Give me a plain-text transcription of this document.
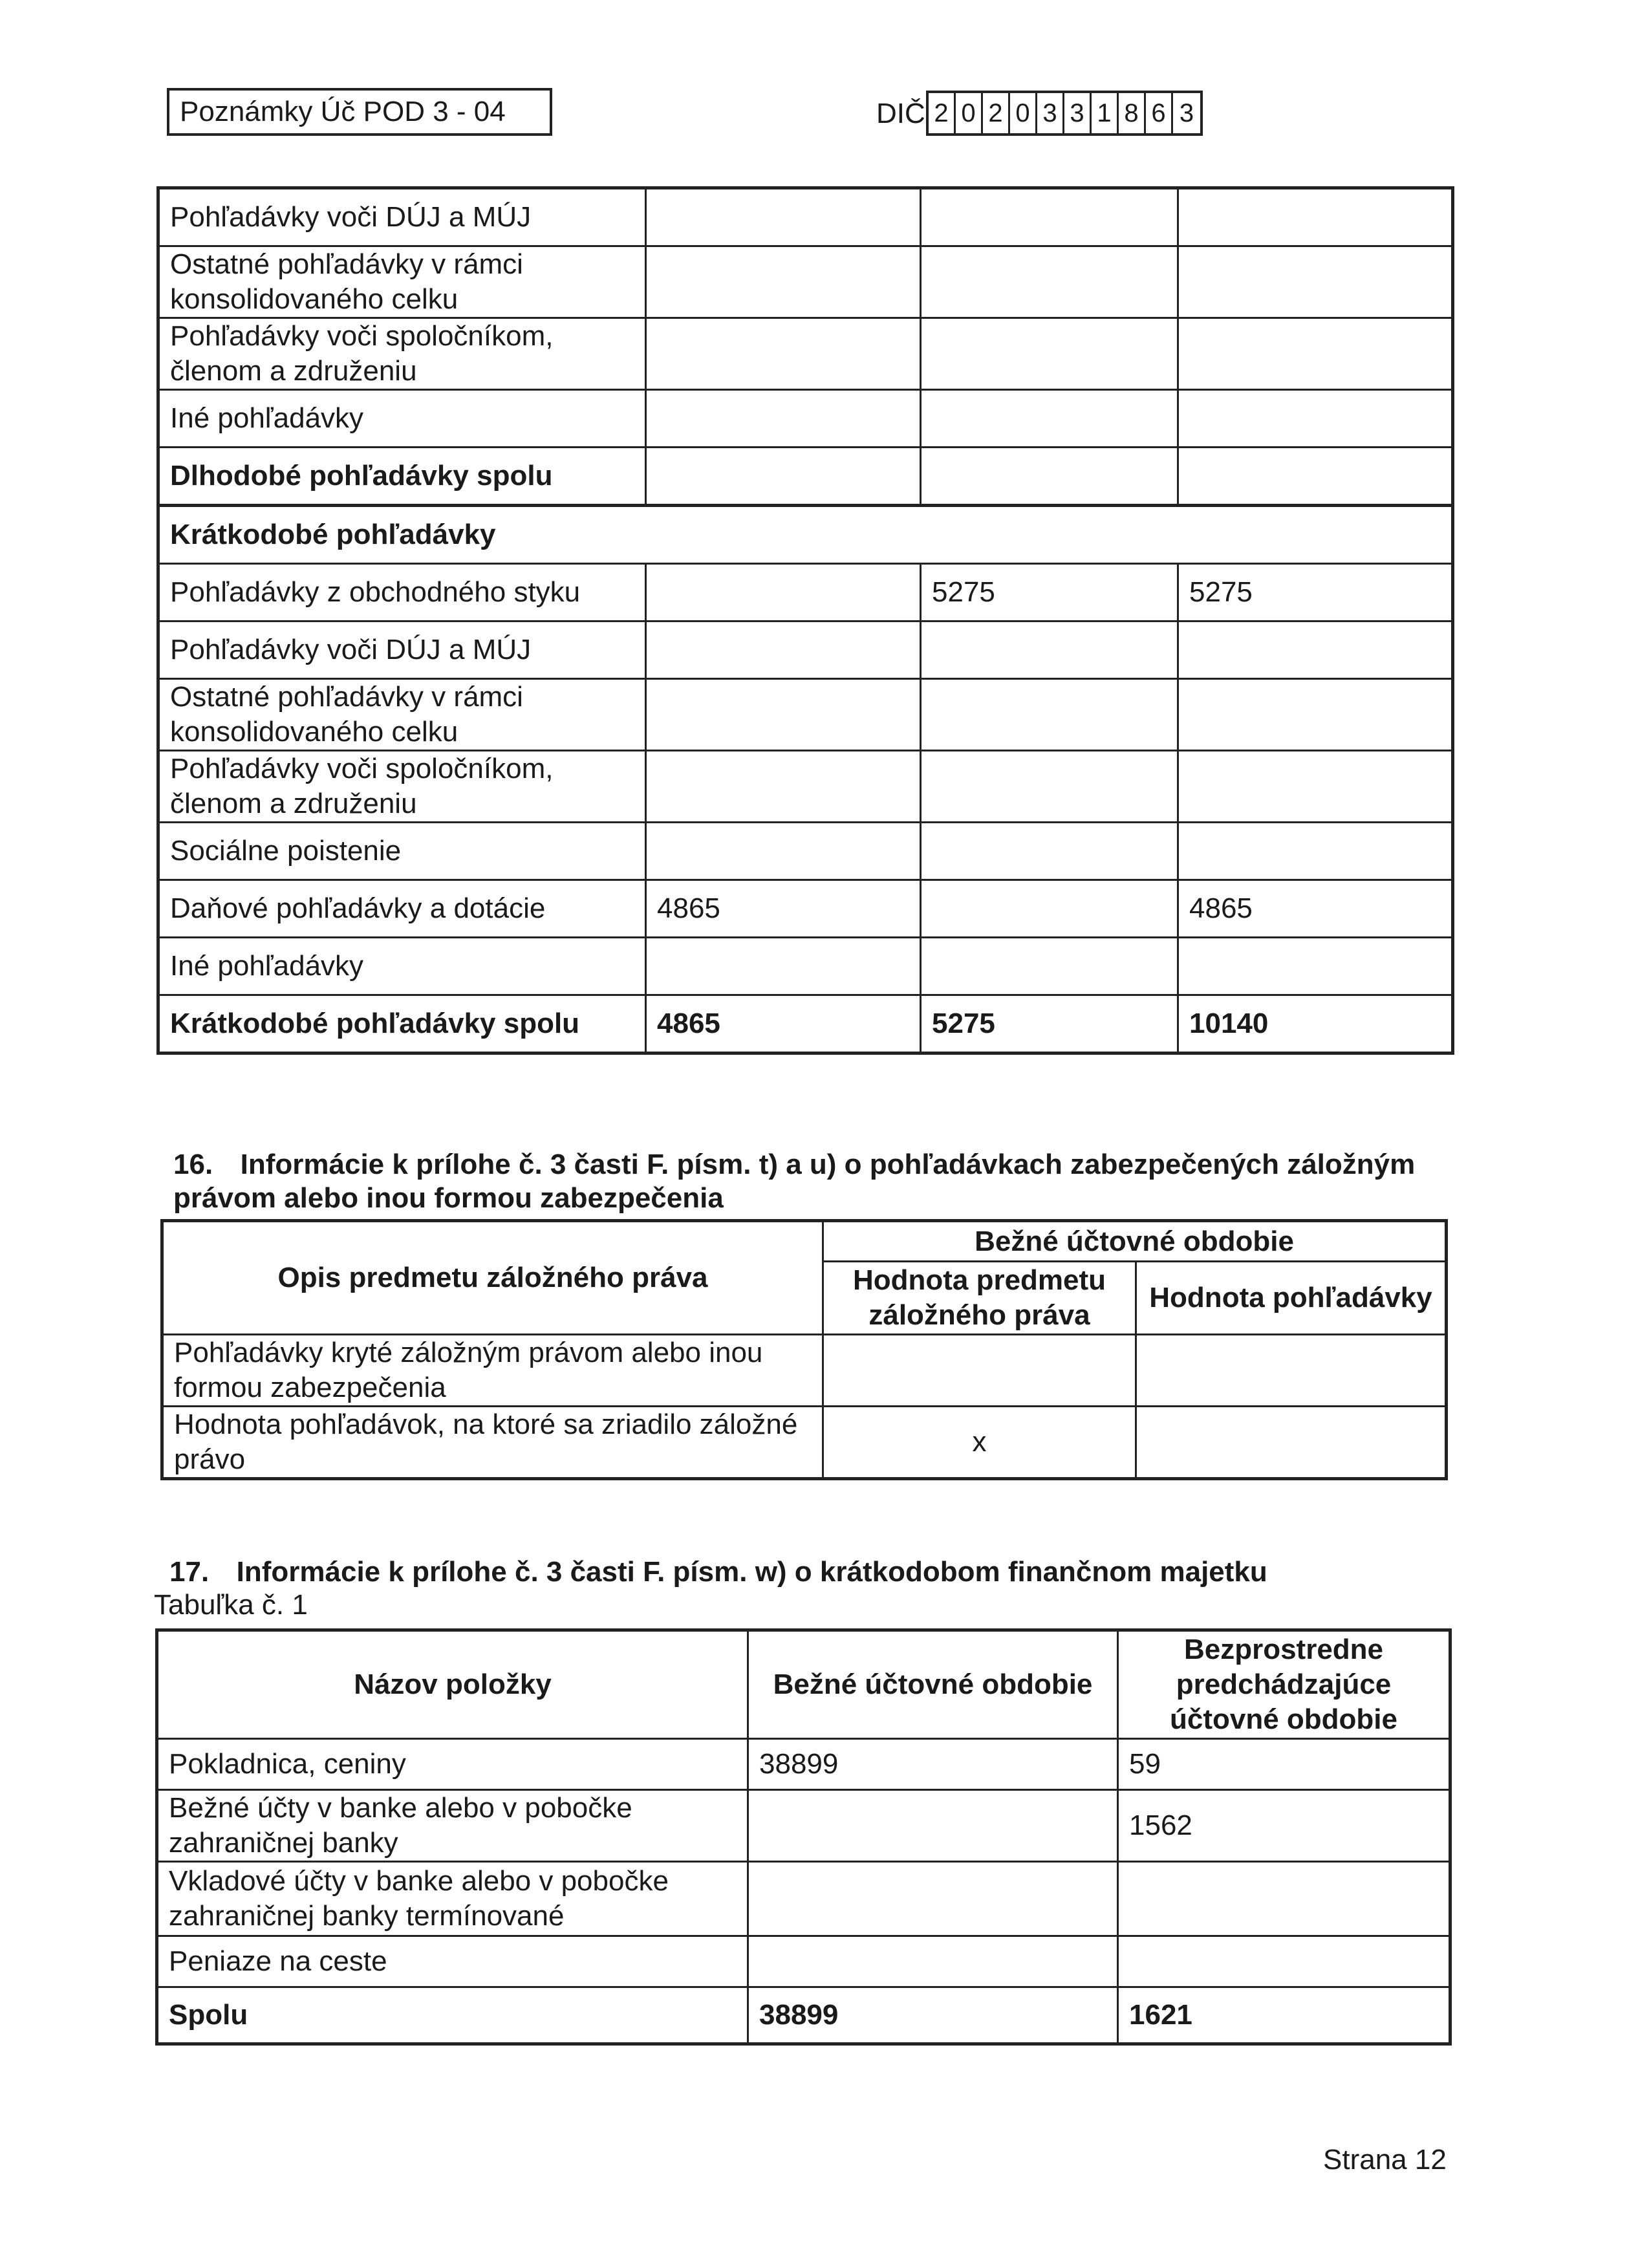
Poznámky Úč POD 3 - 04	DIČ 2 0 2 0 3 3 1 8 6 3
Pohľadávky voči DÚJ a MÚJ			
Ostatné pohľadávky v rámci konsolidovaného celku			
Pohľadávky voči spoločníkom, členom a združeniu			
Iné pohľadávky			
Dlhodobé pohľadávky spolu			
Krátkodobé pohľadávky			
Pohľadávky z obchodného styku		5275	5275
Pohľadávky voči DÚJ a MÚJ			
Ostatné pohľadávky v rámci konsolidovaného celku			
Pohľadávky voči spoločníkom, členom a združeniu			
Sociálne poistenie			
Daňové pohľadávky a dotácie	4865		4865
Iné pohľadávky			
Krátkodobé pohľadávky spolu	4865	5275	10140
16. Informácie k prílohe č. 3 časti F. písm. t) a u) o pohľadávkach zabezpečených záložným právom alebo inou formou zabezpečenia
Opis predmetu záložného práva	Bežné účtovné obdobie	
	Hodnota predmetu záložného práva	Hodnota pohľadávky
Pohľadávky kryté záložným právom alebo inou formou zabezpečenia		
Hodnota pohľadávok, na ktoré sa zriadilo záložné právo	x	
17. Informácie k prílohe č. 3 časti F. písm. w) o krátkodobom finančnom majetku
Tabuľka č. 1
Názov položky	Bežné účtovné obdobie	Bezprostredne predchádzajúce účtovné obdobie
Pokladnica, ceniny	38899	59
Bežné účty v banke alebo v pobočke zahraničnej banky		1562
Vkladové účty v banke alebo v pobočke zahraničnej banky termínované		
Peniaze na ceste		
Spolu	38899	1621
Strana 12
